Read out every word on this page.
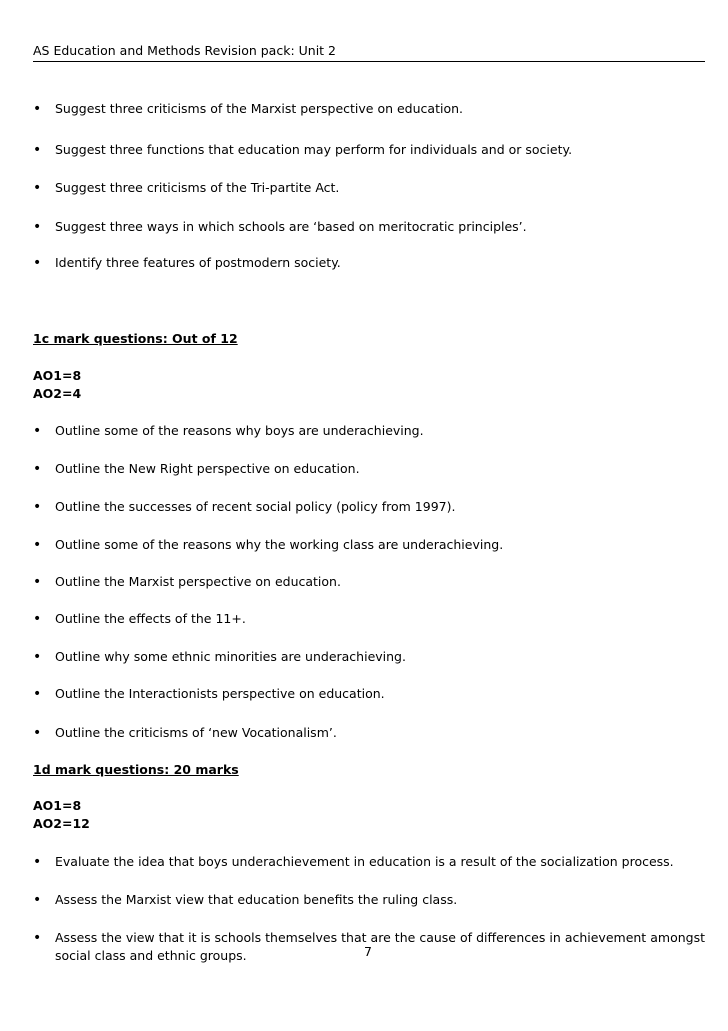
AS Education and Methods Revision pack: Unit 2
• Suggest three criticisms of the Marxist perspective on education.
• Suggest three functions that education may perform for individuals and or society.
• Suggest three criticisms of the Tri-partite Act.
• Suggest three ways in which schools are ‘based on meritocratic principles’.
• Identify three features of postmodern society.
1c mark questions: Out of 12
AO1=8
AO2=4
• Outline some of the reasons why boys are underachieving.
• Outline the New Right perspective on education.
• Outline the successes of recent social policy (policy from 1997).
• Outline some of the reasons why the working class are underachieving.
• Outline the Marxist perspective on education.
• Outline the effects of the 11+.
• Outline why some ethnic minorities are underachieving.
• Outline the Interactionists perspective on education.
• Outline the criticisms of ‘new Vocationalism’.
1d mark questions: 20 marks
AO1=8
AO2=12
• Evaluate the idea that boys underachievement in education is a result of the socialization process.
• Assess the Marxist view that education benefits the ruling class.
• Assess the view that it is schools themselves that are the cause of differences in achievement amongst social class and ethnic groups.	7
